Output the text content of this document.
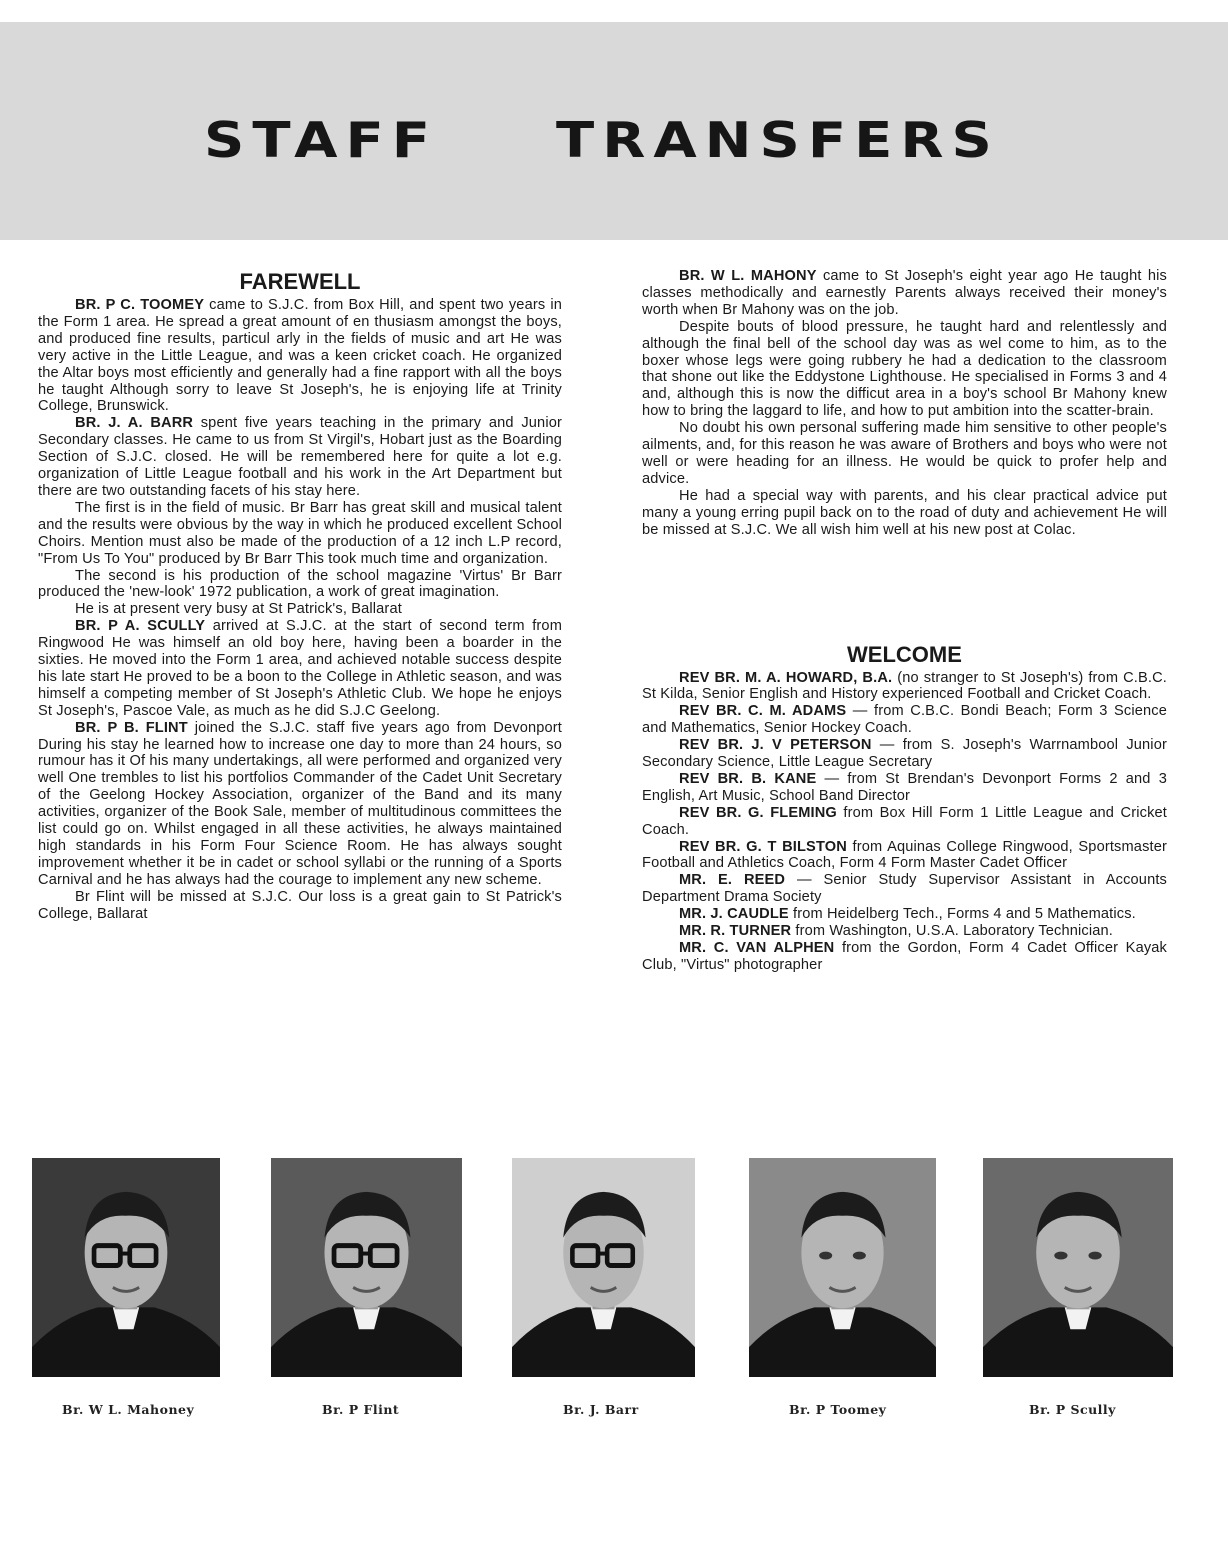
STAFF TRANSFERS
FAREWELL

BR. P C. TOOMEY came to S.J.C. from Box Hill, and spent two years in the Form 1 area. He spread a great amount of en thusiasm amongst the boys, and produced fine results, particul arly in the fields of music and art He was very active in the Little League, and was a keen cricket coach. He organized the Altar boys most efficiently and generally had a fine rapport with all the boys he taught Although sorry to leave St Joseph's, he is enjoying life at Trinity College, Brunswick.

BR. J. A. BARR spent five years teaching in the primary and Junior Secondary classes. He came to us from St Virgil's, Hobart just as the Boarding Section of S.J.C. closed. He will be remembered here for quite a lot e.g. organization of Little League football and his work in the Art Department but there are two outstanding facets of his stay here.

The first is in the field of music. Br Barr has great skill and musical talent and the results were obvious by the way in which he produced excellent School Choirs. Mention must also be made of the production of a 12 inch L.P record, "From Us To You" produced by Br Barr This took much time and organization.

The second is his production of the school magazine 'Virtus' Br Barr produced the 'new-look' 1972 publication, a work of great imagination.

He is at present very busy at St Patrick's, Ballarat

BR. P A. SCULLY arrived at S.J.C. at the start of second term from Ringwood He was himself an old boy here, having been a boarder in the sixties. He moved into the Form 1 area, and achieved notable success despite his late start He proved to be a boon to the College in Athletic season, and was himself a competing member of St Joseph's Athletic Club. We hope he enjoys St Joseph's, Pascoe Vale, as much as he did S.J.C Geelong.

BR. P B. FLINT joined the S.J.C. staff five years ago from Devonport During his stay he learned how to increase one day to more than 24 hours, so rumour has it Of his many undertakings, all were performed and organized very well One trembles to list his portfolios Commander of the Cadet Unit Secretary of the Geelong Hockey Association, organizer of the Band and its many activities, organizer of the Book Sale, member of multitudinous committees the list could go on. Whilst engaged in all these activities, he always maintained high standards in his Form Four Science Room. He has always sought improvement whether it be in cadet or school syllabi or the running of a Sports Carnival and he has always had the courage to implement any new scheme.

Br Flint will be missed at S.J.C. Our loss is a great gain to St Patrick's College, Ballarat

BR. W L. MAHONY came to St Joseph's eight year ago He taught his classes methodically and earnestly Parents always received their money's worth when Br Mahony was on the job.

Despite bouts of blood pressure, he taught hard and relentlessly and although the final bell of the school day was as wel come to him, as to the boxer whose legs were going rubbery he had a dedication to the classroom that shone out like the Eddystone Lighthouse. He specialised in Forms 3 and 4 and, although this is now the difficut area in a boy's school Br Mahony knew how to bring the laggard to life, and how to put ambition into the scatter-brain.

No doubt his own personal suffering made him sensitive to other people's ailments, and, for this reason he was aware of Brothers and boys who were not well or were heading for an illness. He would be quick to profer help and advice.

He had a special way with parents, and his clear practical advice put many a young erring pupil back on to the road of duty and achievement He will be missed at S.J.C. We all wish him well at his new post at Colac.

WELCOME

REV BR. M. A. HOWARD, B.A. (no stranger to St Joseph's) from C.B.C. St Kilda, Senior English and History experienced Football and Cricket Coach.

REV BR. C. M. ADAMS — from C.B.C. Bondi Beach; Form 3 Science and Mathematics, Senior Hockey Coach.

REV BR. J. V PETERSON — from S. Joseph's Warrnambool Junior Secondary Science, Little League Secretary

REV BR. B. KANE — from St Brendan's Devonport Forms 2 and 3 English, Art Music, School Band Director

REV BR. G. FLEMING from Box Hill Form 1 Little League and Cricket Coach.

REV BR. G. T BILSTON from Aquinas College Ringwood, Sportsmaster Football and Athletics Coach, Form 4 Form Master Cadet Officer

MR. E. REED — Senior Study Supervisor Assistant in Accounts Department Drama Society

MR. J. CAUDLE from Heidelberg Tech., Forms 4 and 5 Mathematics.

MR. R. TURNER from Washington, U.S.A. Laboratory Technician.

MR. C. VAN ALPHEN from the Gordon, Form 4 Cadet Officer Kayak Club, "Virtus" photographer

Br. W L. Mahoney	Br. P Flint	Br. J. Barr	Br. P Toomey	Br. P Scully
